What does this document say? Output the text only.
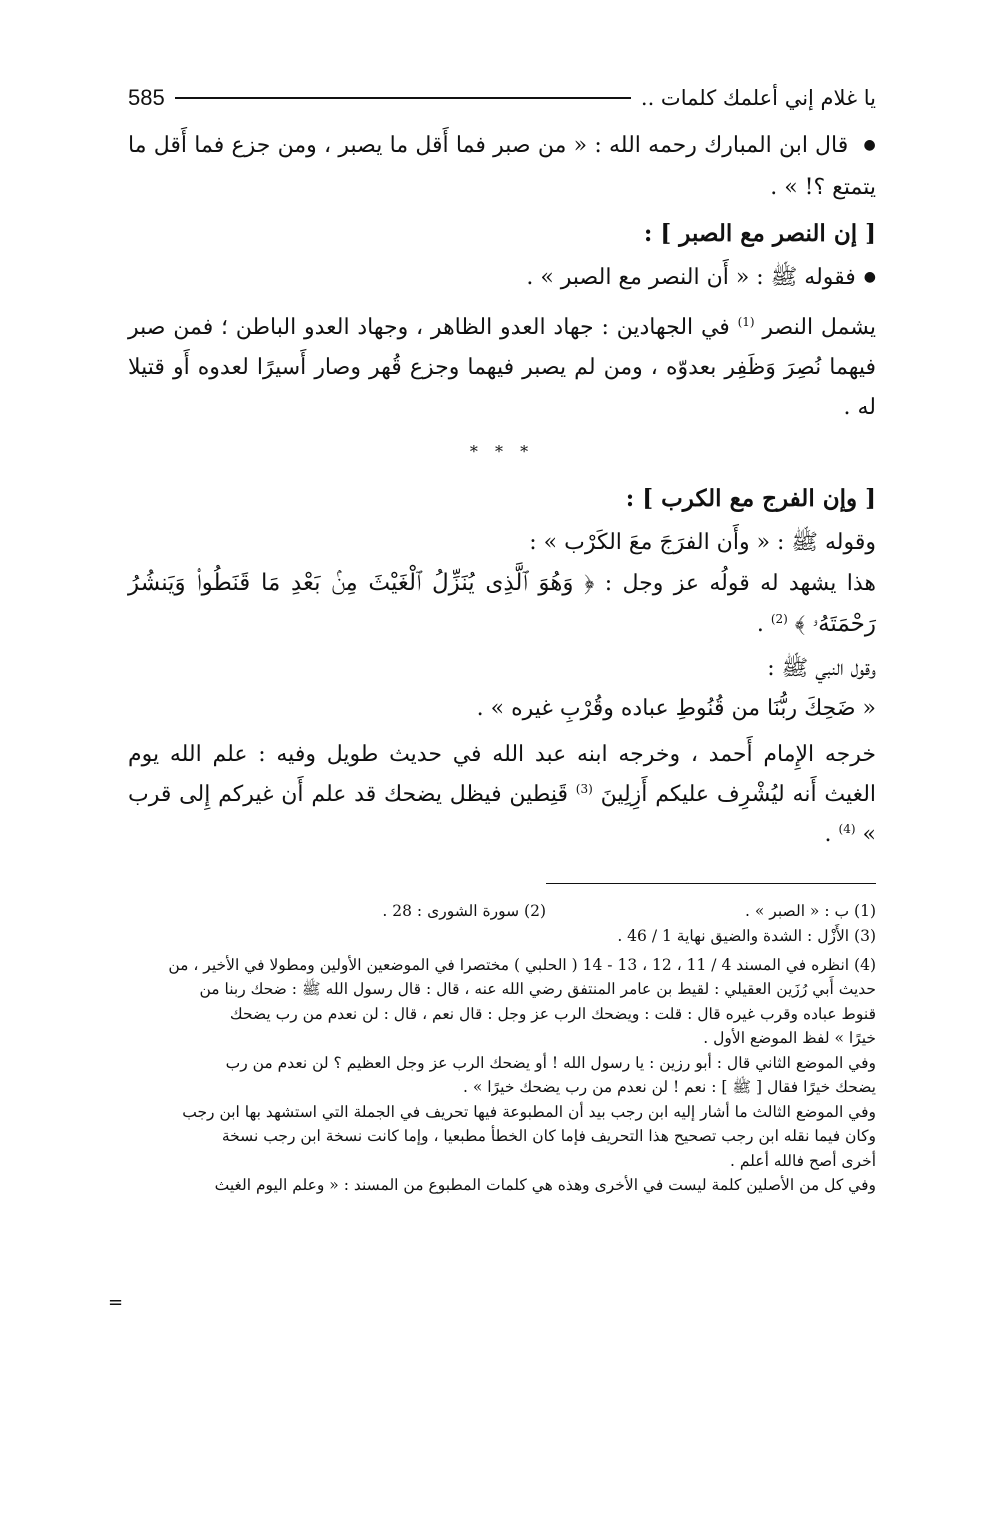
يا غلام إني أعلمك كلمات ..
585

● قال ابن المبارك رحمه الله : « من صبر فما أَقل ما يصبر ، ومن جزع فما أَقل ما يتمتع ؟! » .

[ إن النصر مع الصبر ] :

● فقوله ﷺ : « أَن النصر مع الصبر » .

يشمل النصر (1) في الجهادين : جهاد العدو الظاهر ، وجهاد العدو الباطن ؛ فمن صبر فيهما نُصِرَ وَظَفِر بعدوّه ، ومن لم يصبر فيهما وجزع قُهر وصار أَسيرًا لعدوه أَو قتيلا له .

* * *
[ وإن الفرج مع الكرب ] :

وقوله ﷺ : « وأَن الفرَجَ معَ الكَرْب » :

هذا يشهد له قولُه عز وجل : ﴿ وَهُوَ ٱلَّذِى يُنَزِّلُ ٱلْغَيْثَ مِنۢ بَعْدِ مَا قَنَطُوا۟ وَيَنشُرُ رَحْمَتَهُۥ ﴾ (2) .

وقول النبي ﷺ :

« ضَحِكَ ربُّنَا من قُنُوطِ عباده وقُرْبِ غيره » .

خرجه الإِمام أَحمد ، وخرجه ابنه عبد الله في حديث طويل وفيه : علم الله يوم الغيث أَنه ليُشْرِف عليكم أَزِلِينَ (3) قَنِطين فيظل يضحك قد علم أَن غيركم إِلى قرب » (4) .

(1) ب : « الصبر » .
(2) سورة الشورى : 28 .

(3) الأَزْل : الشدة والضيق نهاية 1 / 46 .

(4) انظره في المسند 4 / 11 ، 12 ، 13 - 14 ( الحلبي ) مختصرا في الموضعين الأولين ومطولا في الأخير ، من

حديث أَبي رُزَين العقيلي : لقيط بن عامر المنتفق رضي الله عنه ، قال : قال رسول الله ﷺ : ضحك ربنا من

قنوط عباده وقرب غيره قال : قلت : ويضحك الرب عز وجل : قال نعم ، قال : لن نعدم من رب يضحك

خيرًا » لفظ الموضع الأول .

وفي الموضع الثاني قال : أبو رزين : يا رسول الله ! أو يضحك الرب عز وجل العظيم ؟ لن نعدم من رب

يضحك خيرًا فقال [ ﷺ ] : نعم ! لن نعدم من رب يضحك خيرًا » .

وفي الموضع الثالث ما أشار إليه ابن رجب بيد أن المطبوعة فيها تحريف في الجملة التي استشهد بها ابن رجب

وكان فيما نقله ابن رجب تصحيح هذا التحريف فإما كان الخطأ مطبعيا ، وإما كانت نسخة ابن رجب نسخة

أخرى أصح فالله أعلم .

وفي كل من الأصلين كلمة ليست في الأخرى وهذه هي كلمات المطبوع من المسند : « وعلم اليوم الغيث

=
